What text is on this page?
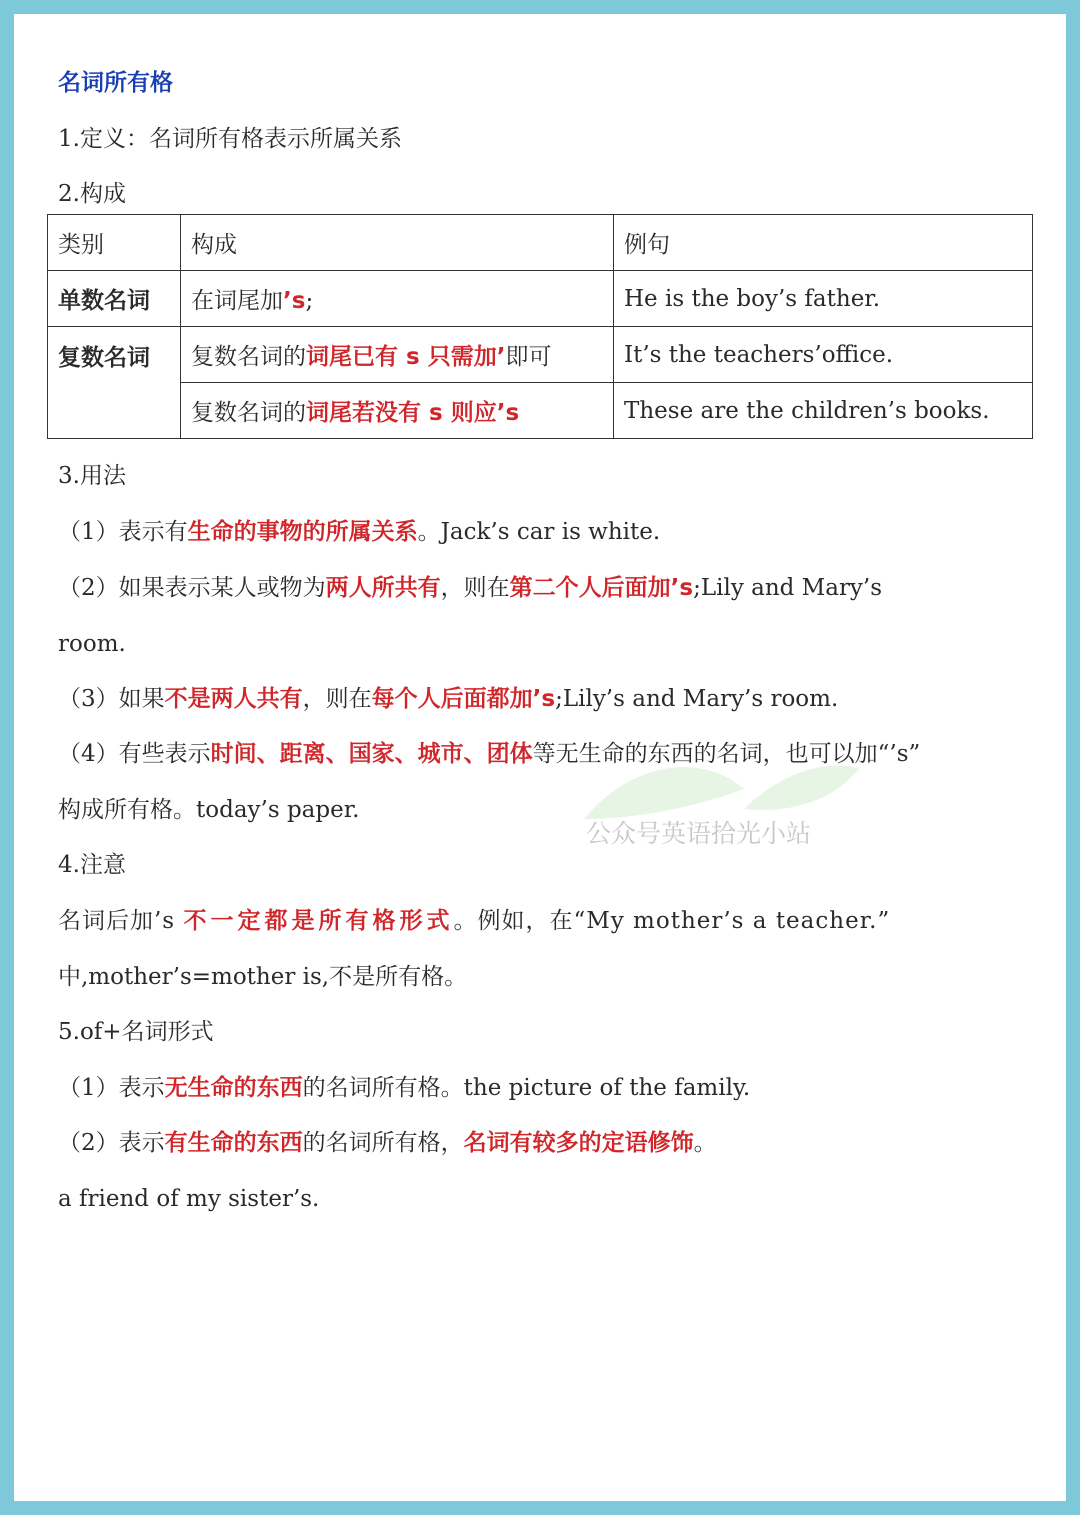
名词所有格
1.定义：名词所有格表示所属关系
2.构成
类别	构成	例句
单数名词	在词尾加’s;	He is the boy’s father.
复数名词	复数名词的词尾已有 s 只需加’即可	It’s the teachers’office.
	复数名词的词尾若没有 s 则应’s	These are the children’s books.
3.用法
（1）表示有生命的事物的所属关系。Jack’s car is white.
（2）如果表示某人或物为两人所共有，则在第二个人后面加’s;Lily and Mary’s
room.
（3）如果不是两人共有，则在每个人后面都加’s;Lily’s and Mary’s room.
（4）有些表示时间、距离、国家、城市、团体等无生命的东西的名词，也可以加“’s”
构成所有格。today’s paper.
4.注意
名词后加’s 不一定都是所有格形式。例如，在“My mother’s a teacher.”
中,mother’s=mother is,不是所有格。
5.of+名词形式
（1）表示无生命的东西的名词所有格。the picture of the family.
（2）表示有生命的东西的名词所有格，名词有较多的定语修饰。
a friend of my sister’s.
公众号英语拾光小站
